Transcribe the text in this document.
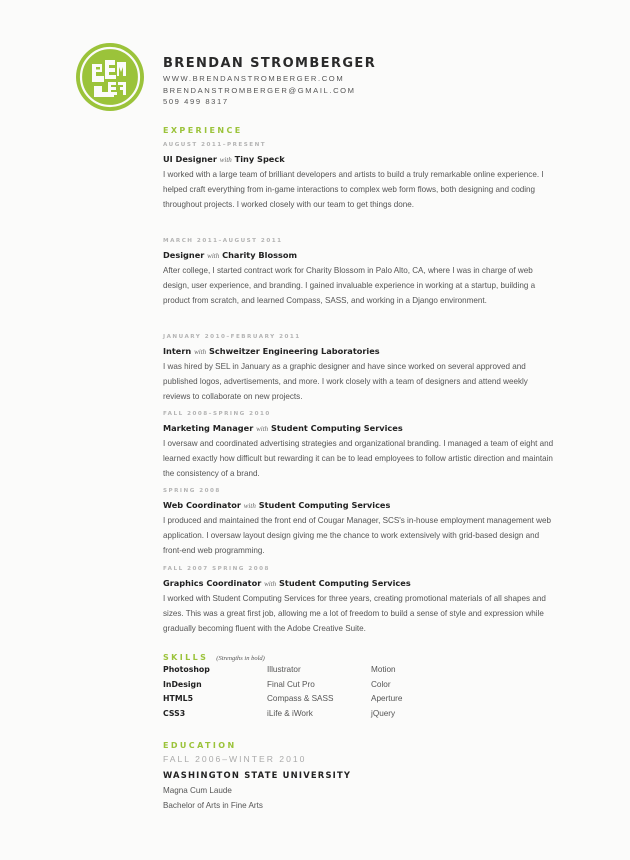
BRENDAN STROMBERGER
WWW.BRENDANSTROMBERGER.COM
BRENDANSTROMBERGER@GMAIL.COM
509 499 8317
EXPERIENCE
AUGUST 2011–PRESENT
UI Designer with Tiny Speck
I worked with a large team of brilliant developers and artists to build a truly remarkable online experience. I helped craft everything from in-game interactions to complex web form flows, both designing and coding throughout projects. I worked closely with our team to get things done.
MARCH 2011–AUGUST 2011
Designer with Charity Blossom
After college, I started contract work for Charity Blossom in Palo Alto, CA, where I was in charge of web design, user experience, and branding. I gained invaluable experience in working at a startup, building a product from scratch, and learned Compass, SASS, and working in a Django environment.
JANUARY 2010–FEBRUARY 2011
Intern with Schweitzer Engineering Laboratories
I was hired by SEL in January as a graphic designer and have since worked on several approved and published logos, advertisements, and more. I work closely with a team of designers and attend weekly reviews to collaborate on new projects.
FALL 2008–SPRING 2010
Marketing Manager with Student Computing Services
I oversaw and coordinated advertising strategies and organizational branding. I managed a team of eight and learned exactly how difficult but rewarding it can be to lead employees to follow artistic direction and maintain the consistency of a brand.
SPRING 2008
Web Coordinator with Student Computing Services
I produced and maintained the front end of Cougar Manager, SCS's in-house employment management web application. I oversaw layout design giving me the chance to work extensively with grid-based design and front-end web programming.
FALL 2007 SPRING 2008
Graphics Coordinator with Student Computing Services
I worked with Student Computing Services for three years, creating promotional materials of all shapes and sizes. This was a great first job, allowing me a lot of freedom to build a sense of style and expression while gradually becoming fluent with the Adobe Creative Suite.
SKILLS (Strengths in bold)
Photoshop	Illustrator	Motion
InDesign	Final Cut Pro	Color
HTML5	Compass & SASS	Aperture
CSS3	iLife & iWork	jQuery
EDUCATION
FALL 2006–WINTER 2010
WASHINGTON STATE UNIVERSITY
Magna Cum Laude
Bachelor of Arts in Fine Arts
